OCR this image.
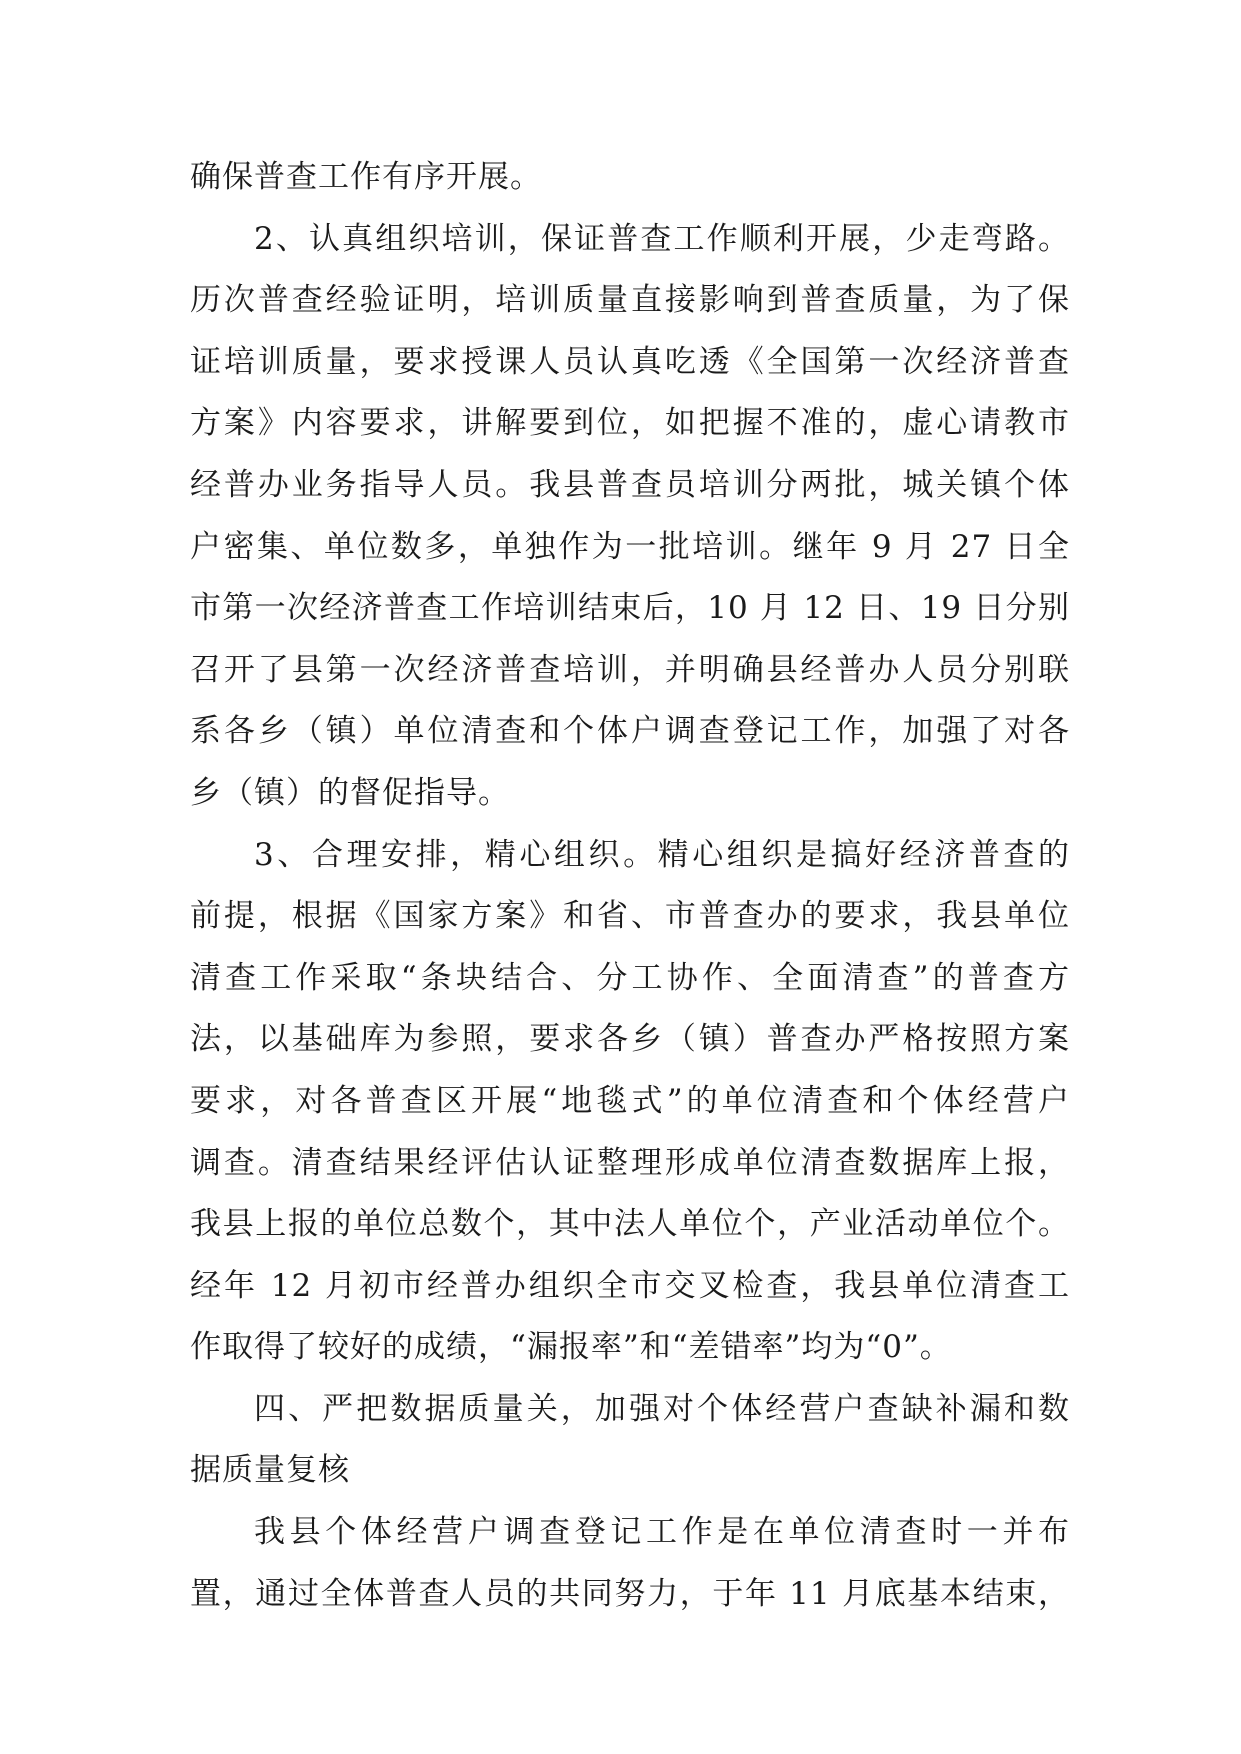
确保普查工作有序开展。
2、认真组织培训，保证普查工作顺利开展，少走弯路。
历次普查经验证明，培训质量直接影响到普查质量，为了保
证培训质量，要求授课人员认真吃透《全国第一次经济普查
方案》内容要求，讲解要到位，如把握不准的，虚心请教市
经普办业务指导人员。我县普查员培训分两批，城关镇个体
户密集、单位数多，单独作为一批培训。继年 9 月 27 日全
市第一次经济普查工作培训结束后，10 月 12 日、19 日分别
召开了县第一次经济普查培训，并明确县经普办人员分别联
系各乡（镇）单位清查和个体户调查登记工作，加强了对各
乡（镇）的督促指导。
3、合理安排，精心组织。精心组织是搞好经济普查的
前提，根据《国家方案》和省、市普查办的要求，我县单位
清查工作采取“条块结合、分工协作、全面清查”的普查方
法，以基础库为参照，要求各乡（镇）普查办严格按照方案
要求，对各普查区开展“地毯式”的单位清查和个体经营户
调查。清查结果经评估认证整理形成单位清查数据库上报，
我县上报的单位总数个，其中法人单位个，产业活动单位个。
经年 12 月初市经普办组织全市交叉检查，我县单位清查工
作取得了较好的成绩，“漏报率”和“差错率”均为“0”。
四、严把数据质量关，加强对个体经营户查缺补漏和数
据质量复核
我县个体经营户调查登记工作是在单位清查时一并布
置，通过全体普查人员的共同努力，于年 11 月底基本结束，
